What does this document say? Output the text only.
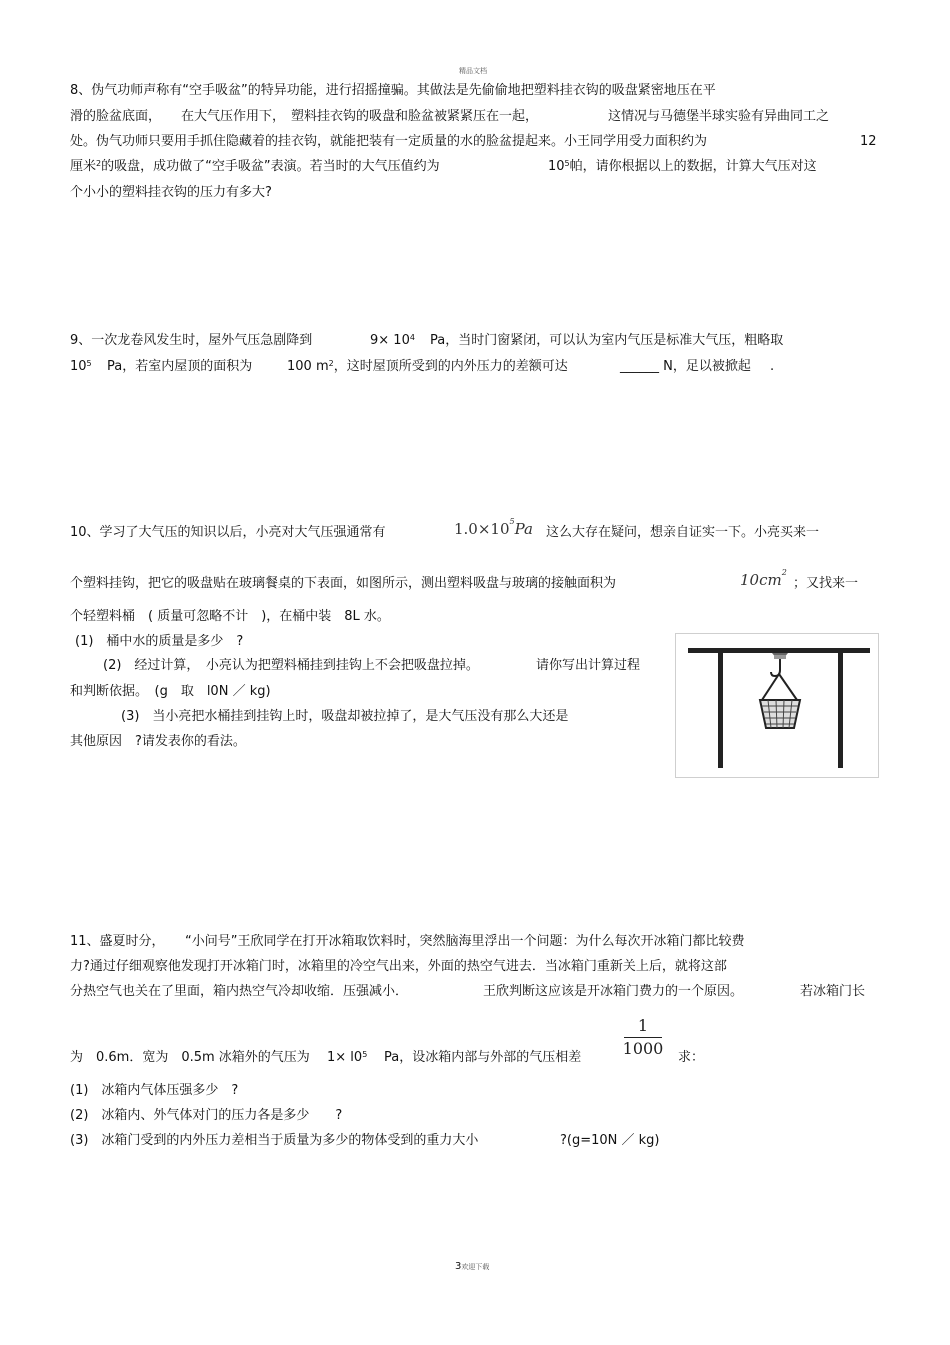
精品文档
8、伪气功师声称有“空手吸盆”的特异功能，进行招摇撞骗。其做法是先偷偷地把塑料挂衣钩的吸盘紧密地压在平
滑的脸盆底面， 在大气压作用下， 塑料挂衣钩的吸盘和脸盆被紧紧压在一起，	这情况与马德堡半球实验有异曲同工之
处。伪气功师只要用手抓住隐藏着的挂衣钩，就能把装有一定质量的水的脸盆提起来。小王同学用受力面积约为	12
厘米$^2$的吸盘，成功做了“空手吸盆”表演。若当时的大气压值约为	$10^5$帕，请你根据以上的数据，计算大气压对这
个小小的塑料挂衣钩的压力有多大?
9、一次龙卷风发生时，屋外气压急剧降到	$9\times 10^4$ Pa，当时门窗紧闭，可以认为室内气压是标准大气压，粗略取
$10^5$ Pa，若室内屋顶的面积为	100 $m^2$，这时屋顶所受到的内外压力的差额可达	______ N，足以被掀起 .
10、学习了大气压的知识以后，小亮对大气压强通常有	$1.0\times 10^5Pa$ 这么大存在疑问，想亲自证实一下。小亮买来一
个塑料挂钩，把它的吸盘贴在玻璃餐桌的下表面，如图所示，测出塑料吸盘与玻璃的接触面积为	$10cm^2$
；又找来一
个轻塑料桶　( 质量可忽略不计　)，在桶中装　8L 水。
(1)　桶中水的质量是多少　?
(2)　经过计算，　小亮认为把塑料桶挂到挂钩上不会把吸盘拉掉。	请你写出计算过程
和判断依据。　(g　取　l0N ／ kg)
(3)　当小亮把水桶挂到挂钩上时，吸盘却被拉掉了，是大气压没有那么大还是
其他原因　?请发表你的看法。
11、盛夏时分， “小问号”王欣同学在打开冰箱取饮料时，突然脑海里浮出一个问题：为什么每次开冰箱门都比较费
力?通过仔细观察他发现打开冰箱门时，冰箱里的冷空气出来，外面的热空气进去．当冰箱门重新关上后，就将这部
分热空气也关在了里面，箱内热空气冷却收缩．压强减小．	王欣判断这应该是开冰箱门费力的一个原因。	若冰箱门长
为　0.6m．宽为　0.5m 冰箱外的气压为 $1\times l0^5$ Pa，设冰箱内部与外部的气压相差
1
1000 求：
(1)　冰箱内气体压强多少　?
(2)　冰箱内、外气体对门的压力各是多少　　?
(3)　冰箱门受到的内外压力差相当于质量为多少的物体受到的重力大小	?(g=10N ／ kg)
3欢迎下载
